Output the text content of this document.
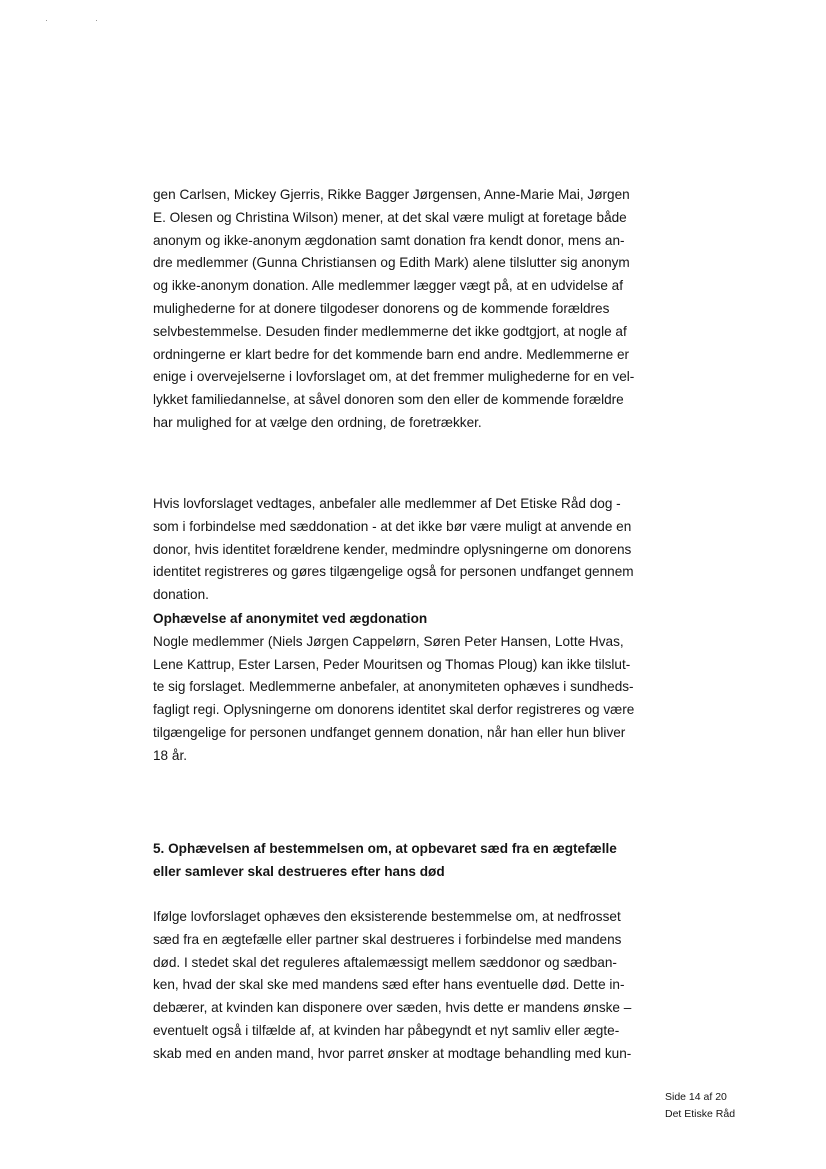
gen Carlsen, Mickey Gjerris, Rikke Bagger Jørgensen, Anne-Marie Mai, Jørgen
E. Olesen og Christina Wilson) mener, at det skal være muligt at foretage både
anonym og ikke-anonym ægdonation samt donation fra kendt donor, mens an-
dre medlemmer (Gunna Christiansen og Edith Mark) alene tilslutter sig anonym
og ikke-anonym donation. Alle medlemmer lægger vægt på, at en udvidelse af
mulighederne for at donere tilgodeser donorens og de kommende forældres
selvbestemmelse. Desuden finder medlemmerne det ikke godtgjort, at nogle af
ordningerne er klart bedre for det kommende barn end andre. Medlemmerne er
enige i overvejelserne i lovforslaget om, at det fremmer mulighederne for en vel-
lykket familiedannelse, at såvel donoren som den eller de kommende forældre
har mulighed for at vælge den ordning, de foretrækker.
Hvis lovforslaget vedtages, anbefaler alle medlemmer af Det Etiske Råd dog -
som i forbindelse med sæddonation - at det ikke bør være muligt at anvende en
donor, hvis identitet forældrene kender, medmindre oplysningerne om donorens
identitet registreres og gøres tilgængelige også for personen undfanget gennem
donation.
Ophævelse af anonymitet ved ægdonation
Nogle medlemmer (Niels Jørgen Cappelørn, Søren Peter Hansen, Lotte Hvas,
Lene Kattrup, Ester Larsen, Peder Mouritsen og Thomas Ploug) kan ikke tilslut-
te sig forslaget. Medlemmerne anbefaler, at anonymiteten ophæves i sundheds-
fagligt regi. Oplysningerne om donorens identitet skal derfor registreres og være
tilgængelige for personen undfanget gennem donation, når han eller hun bliver
18 år.
5. Ophævelsen af bestemmelsen om, at opbevaret sæd fra en ægtefælle
eller samlever skal destrueres efter hans død
Ifølge lovforslaget ophæves den eksisterende bestemmelse om, at nedfrosset
sæd fra en ægtefælle eller partner skal destrueres i forbindelse med mandens
død. I stedet skal det reguleres aftalemæssigt mellem sæddonor og sædban-
ken, hvad der skal ske med mandens sæd efter hans eventuelle død. Dette in-
debærer, at kvinden kan disponere over sæden, hvis dette er mandens ønske –
eventuelt også i tilfælde af, at kvinden har påbegyndt et nyt samliv eller ægte-
skab med en anden mand, hvor parret ønsker at modtage behandling med kun-
Side 14 af 20
Det Etiske Råd
